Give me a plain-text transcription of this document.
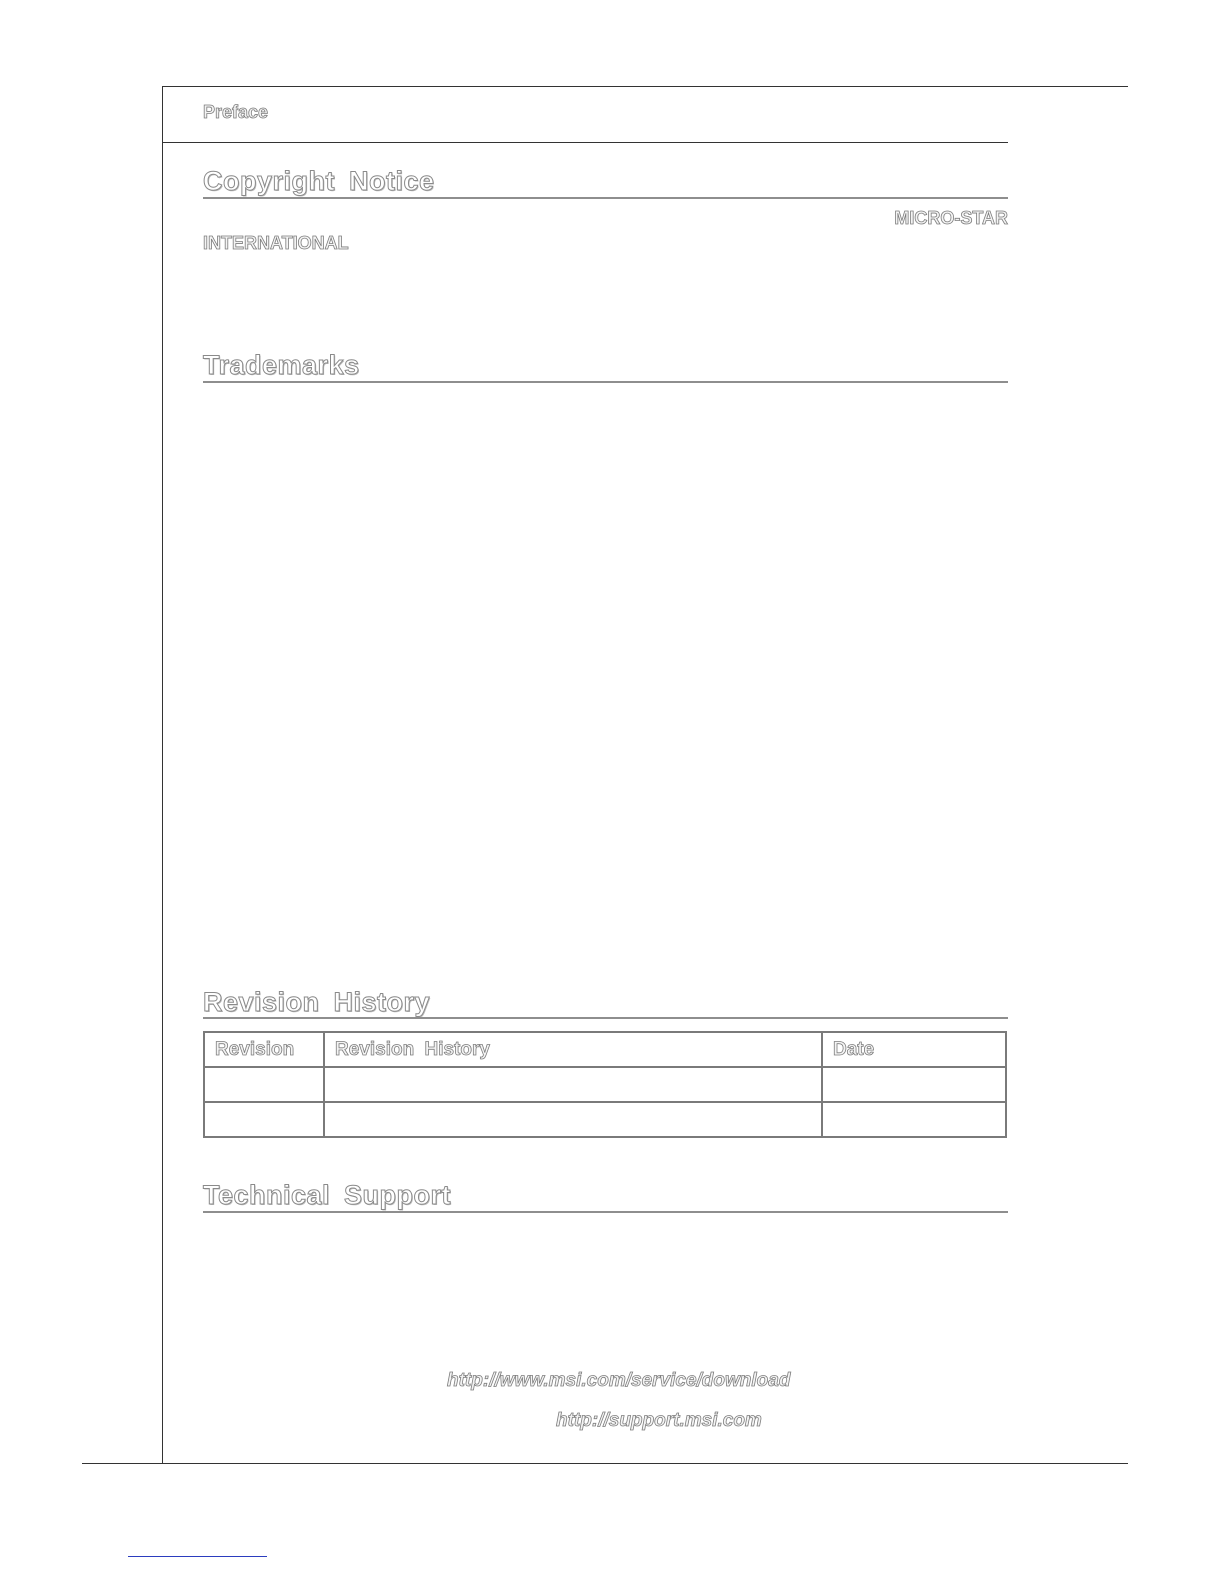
Preface
Copyright Notice
MICRO-STAR
INTERNATIONAL
Trademarks
Revision History
Revision	Revision History	Date

Technical Support
http://www.msi.com/service/download
http://support.msi.com
